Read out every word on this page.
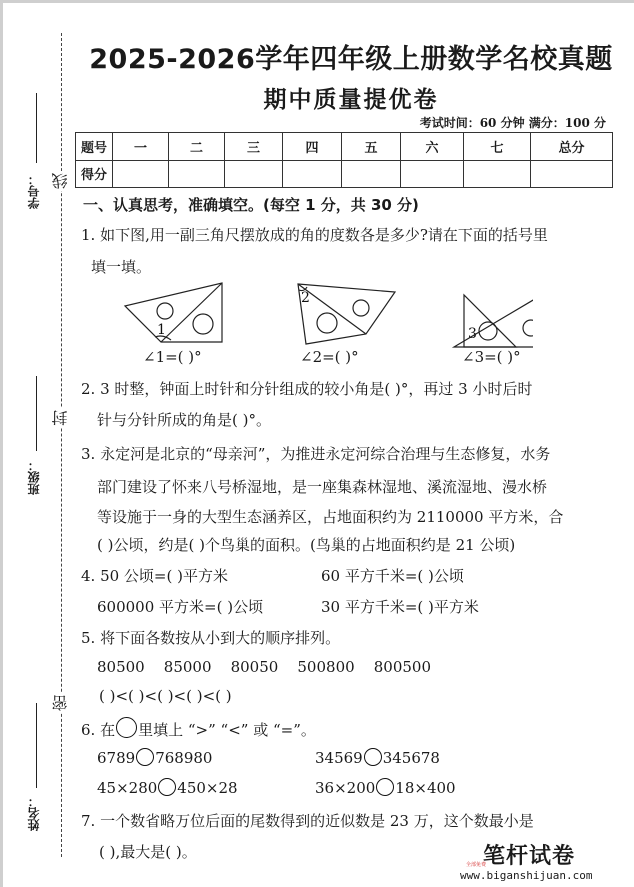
线
封
密
学号：
班级：
姓名：
2025-2026学年四年级上册数学名校真题
期中质量提优卷
考试时间：60 分钟 满分：100 分
题号	一	二	三	四	五	六	七	总分
得分								
一、认真思考，准确填空。(每空 1 分，共 30 分)
1. 如下图,用一副三角尺摆放成的角的度数各是多少?请在下面的括号里
填一填。
1
2
3
∠1=( )°	∠2=( )°	∠3=( )°
2. 3 时整，钟面上时针和分针组成的较小角是( )°，再过 3 小时后时
针与分针所成的角是( )°。
3. 永定河是北京的“母亲河”，为推进永定河综合治理与生态修复，水务
部门建设了怀来八号桥湿地，是一座集森林湿地、溪流湿地、漫水桥
等设施于一身的大型生态涵养区，占地面积约为 2110000 平方米，合
( )公顷，约是( )个鸟巢的面积。(鸟巢的占地面积约是 21 公顷)
4. 50 公顷=( )平方米	60 平方千米=( )公顷
600000 平方米=( )公顷	30 平方千米=( )平方米
5. 将下面各数按从小到大的顺序排列。
80500 85000 80050 500800 800500
( )<( )<( )<( )<( )
6. 在 里填上 “>” “<” 或 “=”。
6789 768980	34569 345678
45×280 450×28	36×200 18×400
7. 一个数省略万位后面的尾数得到的近似数是 23 万，这个数最小是
( ),最大是( )。	笔杆试卷
全部免费
www.biganshijuan.com
